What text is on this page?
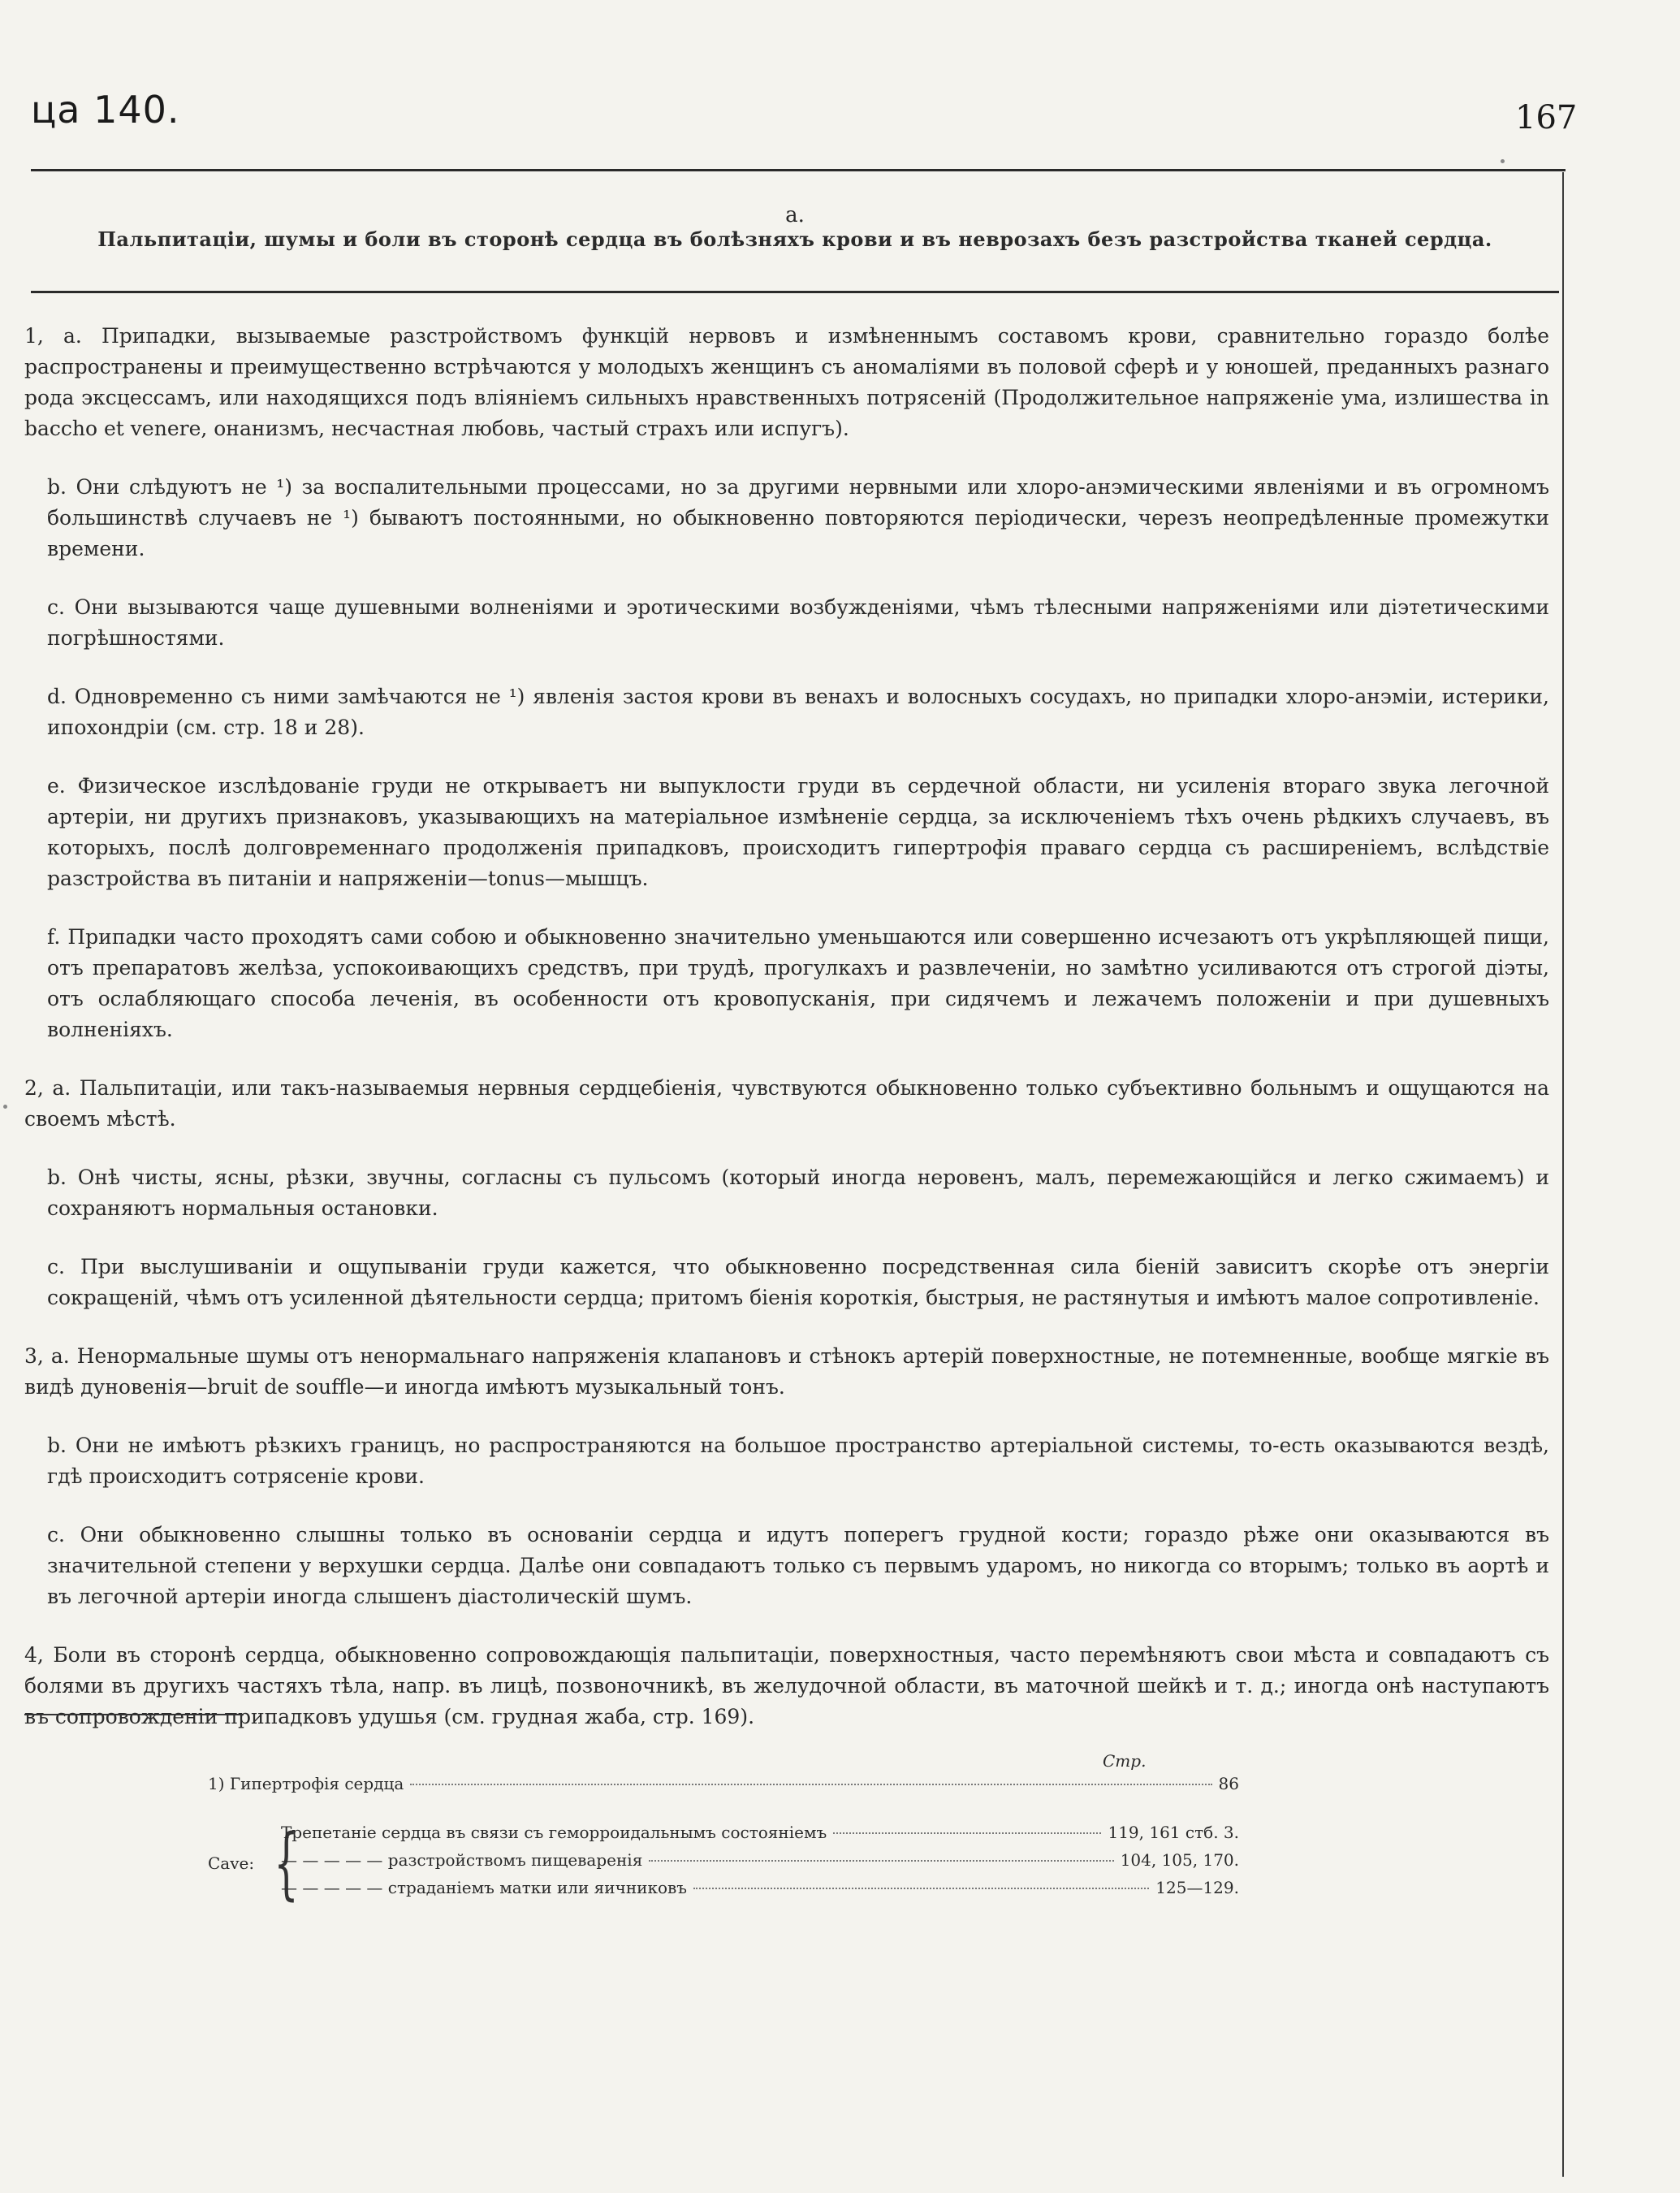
ца 140.	167
a.
Пальпитаціи, шумы и боли въ сторонѣ сердца въ болѣзняхъ крови и въ неврозахъ безъ разстройства тканей сердца.

1, а. Припадки, вызываемые разстройствомъ функцій нервовъ и измѣненнымъ составомъ крови, сравнительно гораздо болѣе распространены и преимущественно встрѣчаются у молодыхъ женщинъ съ аномаліями въ половой сферѣ и у юношей, преданныхъ разнаго рода эксцессамъ, или находящихся подъ вліяніемъ сильныхъ нравственныхъ потрясеній (Продолжительное напряженіе ума, излишества in bacсho et venere, онанизмъ, несчастная любовь, частый страхъ или испугъ).

b. Они слѣдуютъ не ¹) за воспалительными процессами, но за другими нервными или хлоро-анэмическими явленіями и въ огромномъ большинствѣ случаевъ не ¹) бываютъ постоянными, но обыкновенно повторяются періодически, черезъ неопредѣленные промежутки времени.

c. Они вызываются чаще душевными волненіями и эротическими возбужденіями, чѣмъ тѣлесными напряженіями или діэтетическими погрѣшностями.

d. Одновременно съ ними замѣчаются не ¹) явленія застоя крови въ венахъ и волосныхъ сосудахъ, но припадки хлоро-анэміи, истерики, ипохондріи (см. стр. 18 и 28).

e. Физическое изслѣдованіе груди не открываетъ ни выпуклости груди въ сердечной области, ни усиленія втораго звука легочной артеріи, ни другихъ признаковъ, указывающихъ на матеріальное измѣненіе сердца, за исключеніемъ тѣхъ очень рѣдкихъ случаевъ, въ которыхъ, послѣ долговременнаго продолженія припадковъ, происходитъ гипертрофія праваго сердца съ расширеніемъ, вслѣдствіе разстройства въ питаніи и напряженіи—tonus—мышцъ.

f. Припадки часто проходятъ сами собою и обыкновенно значительно уменьшаются или совершенно исчезаютъ отъ укрѣпляющей пищи, отъ препаратовъ желѣза, успокоивающихъ средствъ, при трудѣ, прогулкахъ и развлеченіи, но замѣтно усиливаются отъ строгой діэты, отъ ослабляющаго способа леченія, въ особенности отъ кровопусканія, при сидячемъ и лежачемъ положеніи и при душевныхъ волненіяхъ.

2, а. Пальпитаціи, или такъ-называемыя нервныя сердцебіенія, чувствуются обыкновенно только субъективно больнымъ и ощущаются на своемъ мѣстѣ.

b. Онѣ чисты, ясны, рѣзки, звучны, согласны съ пульсомъ (который иногда неровенъ, малъ, перемежающійся и легко сжимаемъ) и сохраняютъ нормальныя остановки.

c. При выслушиваніи и ощупываніи груди кажется, что обыкновенно посредственная сила біеній зависитъ скорѣе отъ энергіи сокращеній, чѣмъ отъ усиленной дѣятельности сердца; притомъ біенія короткія, быстрыя, не растянутыя и имѣютъ малое сопротивленіе.

3, а. Ненормальные шумы отъ ненормальнаго напряженія клапановъ и стѣнокъ артерій поверхностные, не потемненные, вообще мягкіе въ видѣ дуновенія—bruit de souffle—и иногда имѣютъ музыкальный тонъ.

b. Они не имѣютъ рѣзкихъ границъ, но распространяются на большое пространство артеріальной системы, то-есть оказываются вездѣ, гдѣ происходитъ сотрясеніе крови.

c. Они обыкновенно слышны только въ основаніи сердца и идутъ поперегъ грудной кости; гораздо рѣже они оказываются въ значительной степени у верхушки сердца. Далѣе они совпадаютъ только съ первымъ ударомъ, но никогда со вторымъ; только въ аортѣ и въ легочной артеріи иногда слышенъ діастолическій шумъ.

4, Боли въ сторонѣ сердца, обыкновенно сопровождающія пальпитаціи, поверхностныя, часто перемѣняютъ свои мѣста и совпадаютъ съ болями въ другихъ частяхъ тѣла, напр. въ лицѣ, позвоночникѣ, въ желудочной области, въ маточной шейкѣ и т. д.; иногда онѣ наступаютъ въ сопровожденіи припадковъ удушья (см. грудная жаба, стр. 169).

Стр.
1) Гипертрофія сердца	86
Cave: {
Трепетаніе сердца въ связи съ геморроидальнымъ состояніемъ	119, 161 стб. 3.
— — — — — разстройствомъ пищеваренія	104, 105, 170.
— — — — — страданіемъ матки или яичниковъ	125—129.
